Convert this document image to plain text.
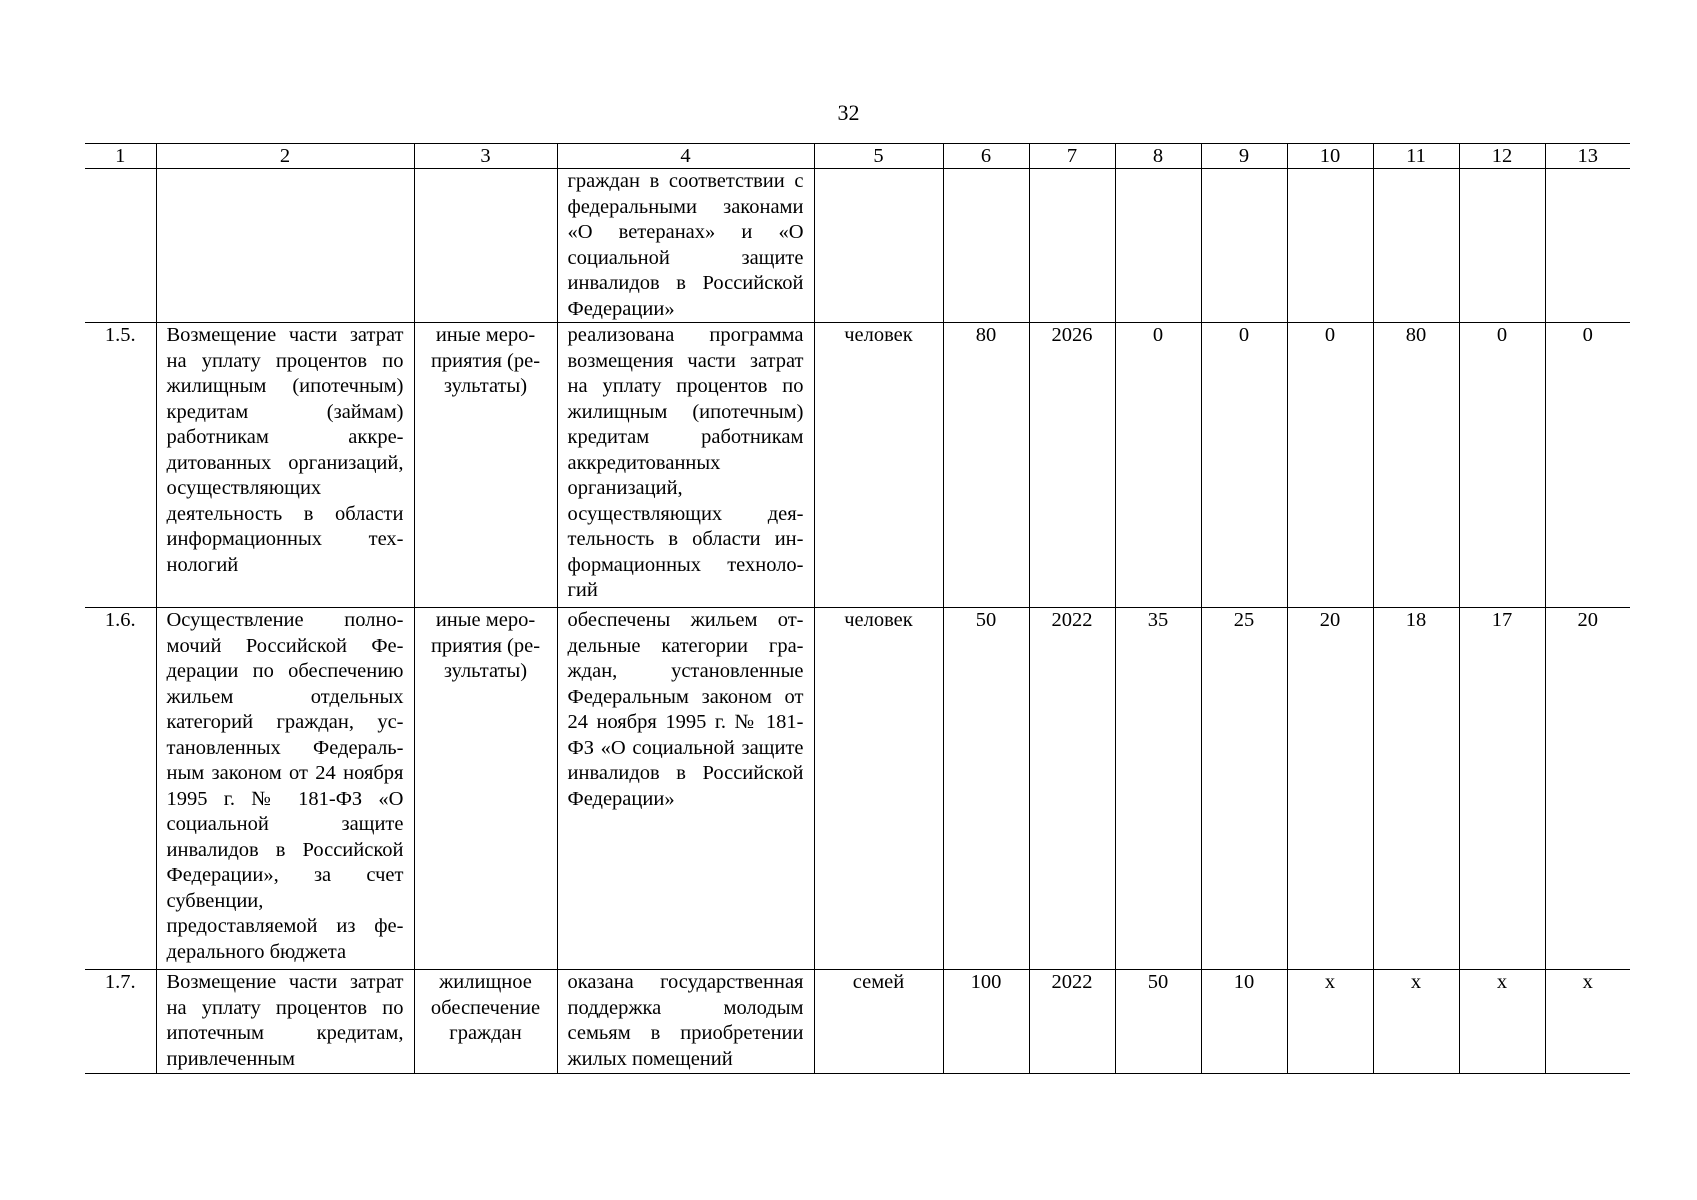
32
1	2	3	4	5	6	7	8	9	10	11	12	13
			граждан в соответствии с федеральными законами «О ветеранах» и «О социальной защите инвалидов в Российской Федерации»									
1.5.	Возмещение части затрат на уплату процентов по жилищным (ипотечным) кредитам (займам) работникам аккредитованных организаций, осуществляющих деятельность в области информационных технологий	иные мероприятия (результаты)	реализована программа возмещения части затрат на уплату процентов по жилищным (ипотечным) кредитам работникам аккредитованных организаций, осуществляющих деятельность в области информационных технологий	человек	80	2026	0	0	0	80	0	0
1.6.	Осуществление полномочий Российской Федерации по обеспечению жильем отдельных категорий граждан, установленных Федеральным законом от 24 ноября 1995 г. № 181-ФЗ «О социальной защите инвалидов в Российской Федерации», за счет субвенции, предоставляемой из федерального бюджета	иные мероприятия (результаты)	обеспечены жильем отдельные категории граждан, установленные Федеральным законом от 24 ноября 1995 г. № 181-ФЗ «О социальной защите инвалидов в Российской Федерации»	человек	50	2022	35	25	20	18	17	20
1.7.	Возмещение части затрат на уплату процентов по ипотечным кредитам, привлеченным	жилищное обеспечение граждан	оказана государственная поддержка молодым семьям в приобретении жилых помещений	семей	100	2022	50	10	х	х	х	х
